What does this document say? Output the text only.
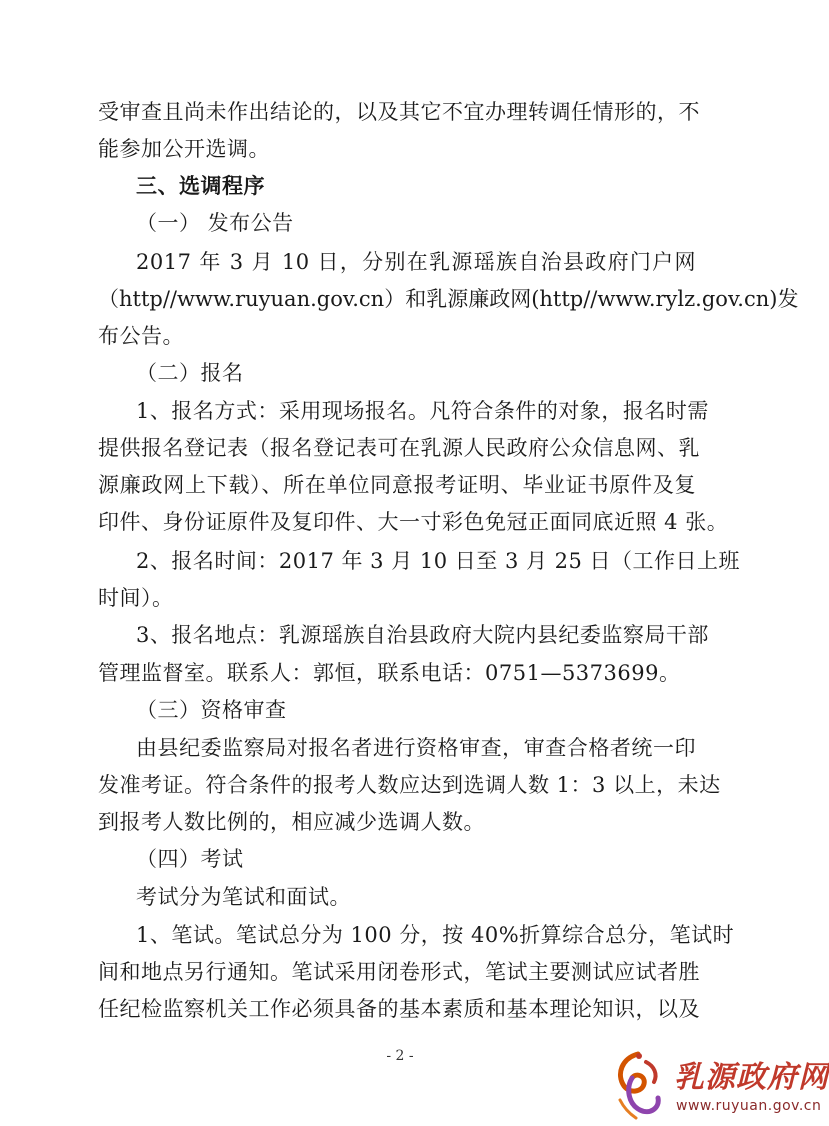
受审查且尚未作出结论的，以及其它不宜办理转调任情形的，不
能参加公开选调。
三、选调程序
（一） 发布公告
2017 年 3 月 10 日，分别在乳源瑶族自治县政府门户网
（http//www.ruyuan.gov.cn）和乳源廉政网(http//www.rylz.gov.cn)发
布公告。
（二）报名
1、报名方式：采用现场报名。凡符合条件的对象，报名时需
提供报名登记表（报名登记表可在乳源人民政府公众信息网、乳
源廉政网上下载）、所在单位同意报考证明、毕业证书原件及复
印件、身份证原件及复印件、大一寸彩色免冠正面同底近照 4 张。
2、报名时间：2017 年 3 月 10 日至 3 月 25 日（工作日上班
时间）。
3、报名地点：乳源瑶族自治县政府大院内县纪委监察局干部
管理监督室。联系人：郭恒，联系电话：0751—5373699。
（三）资格审查
由县纪委监察局对报名者进行资格审查，审查合格者统一印
发准考证。符合条件的报考人数应达到选调人数 1：3 以上，未达
到报考人数比例的，相应减少选调人数。
（四）考试
考试分为笔试和面试。
1、笔试。笔试总分为 100 分，按 40%折算综合总分，笔试时
间和地点另行通知。笔试采用闭卷形式，笔试主要测试应试者胜
任纪检监察机关工作必须具备的基本素质和基本理论知识，以及
- 2 -
乳源政府网
www.ruyuan.gov.cn
